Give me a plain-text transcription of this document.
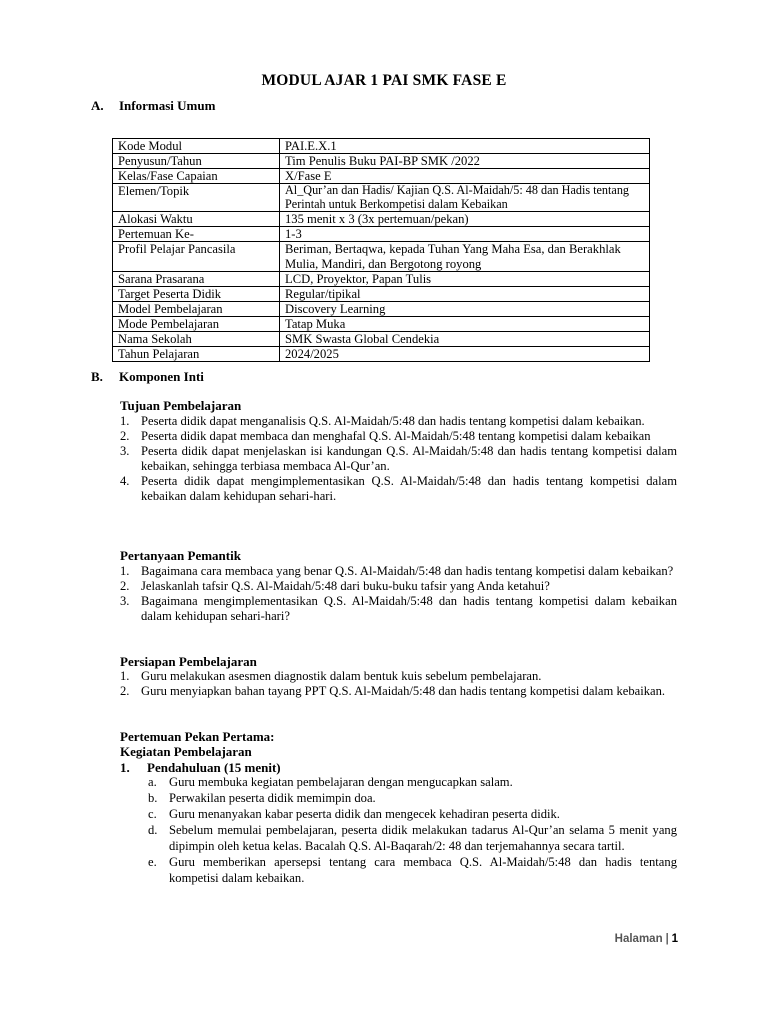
MODUL AJAR 1 PAI SMK FASE E
A. Informasi Umum
Kode Modul	PAI.E.X.1
Penyusun/Tahun	Tim Penulis Buku PAI-BP SMK /2022
Kelas/Fase Capaian	X/Fase E
Elemen/Topik	Al_Qur’an dan Hadis/ Kajian Q.S. Al-Maidah/5: 48 dan Hadis tentang Perintah untuk Berkompetisi dalam Kebaikan
Alokasi Waktu	135 menit x 3 (3x pertemuan/pekan)
Pertemuan Ke-	1-3
Profil Pelajar Pancasila	Beriman, Bertaqwa, kepada Tuhan Yang Maha Esa, dan Berakhlak Mulia, Mandiri, dan Bergotong royong
Sarana Prasarana	LCD, Proyektor, Papan Tulis
Target Peserta Didik	Regular/tipikal
Model Pembelajaran	Discovery Learning
Mode Pembelajaran	Tatap Muka
Nama Sekolah	SMK Swasta Global Cendekia
Tahun Pelajaran	2024/2025
B. Komponen Inti
Tujuan Pembelajaran
1. Peserta didik dapat menganalisis Q.S. Al-Maidah/5:48 dan hadis tentang kompetisi dalam kebaikan.
2. Peserta didik dapat membaca dan menghafal Q.S. Al-Maidah/5:48 tentang kompetisi dalam kebaikan
3. Peserta didik dapat menjelaskan isi kandungan Q.S. Al-Maidah/5:48 dan hadis tentang kompetisi dalam kebaikan, sehingga terbiasa membaca Al-Qur’an.
4. Peserta didik dapat mengimplementasikan Q.S. Al-Maidah/5:48 dan hadis tentang kompetisi dalam kebaikan dalam kehidupan sehari-hari.
Pertanyaan Pemantik
1. Bagaimana cara membaca yang benar Q.S. Al-Maidah/5:48 dan hadis tentang kompetisi dalam kebaikan?
2. Jelaskanlah tafsir Q.S. Al-Maidah/5:48 dari buku-buku tafsir yang Anda ketahui?
3. Bagaimana mengimplementasikan Q.S. Al-Maidah/5:48 dan hadis tentang kompetisi dalam kebaikan dalam kehidupan sehari-hari?
Persiapan Pembelajaran
1. Guru melakukan asesmen diagnostik dalam bentuk kuis sebelum pembelajaran.
2. Guru menyiapkan bahan tayang PPT Q.S. Al-Maidah/5:48 dan hadis tentang kompetisi dalam kebaikan.
Pertemuan Pekan Pertama:
Kegiatan Pembelajaran
1. Pendahuluan (15 menit)
a. Guru membuka kegiatan pembelajaran dengan mengucapkan salam.
b. Perwakilan peserta didik memimpin doa.
c. Guru menanyakan kabar peserta didik dan mengecek kehadiran peserta didik.
d. Sebelum memulai pembelajaran, peserta didik melakukan tadarus Al-Qur’an selama 5 menit yang dipimpin oleh ketua kelas. Bacalah Q.S. Al-Baqarah/2: 48 dan terjemahannya secara tartil.
e. Guru memberikan apersepsi tentang cara membaca Q.S. Al-Maidah/5:48 dan hadis tentang kompetisi dalam kebaikan.
Halaman | 1
